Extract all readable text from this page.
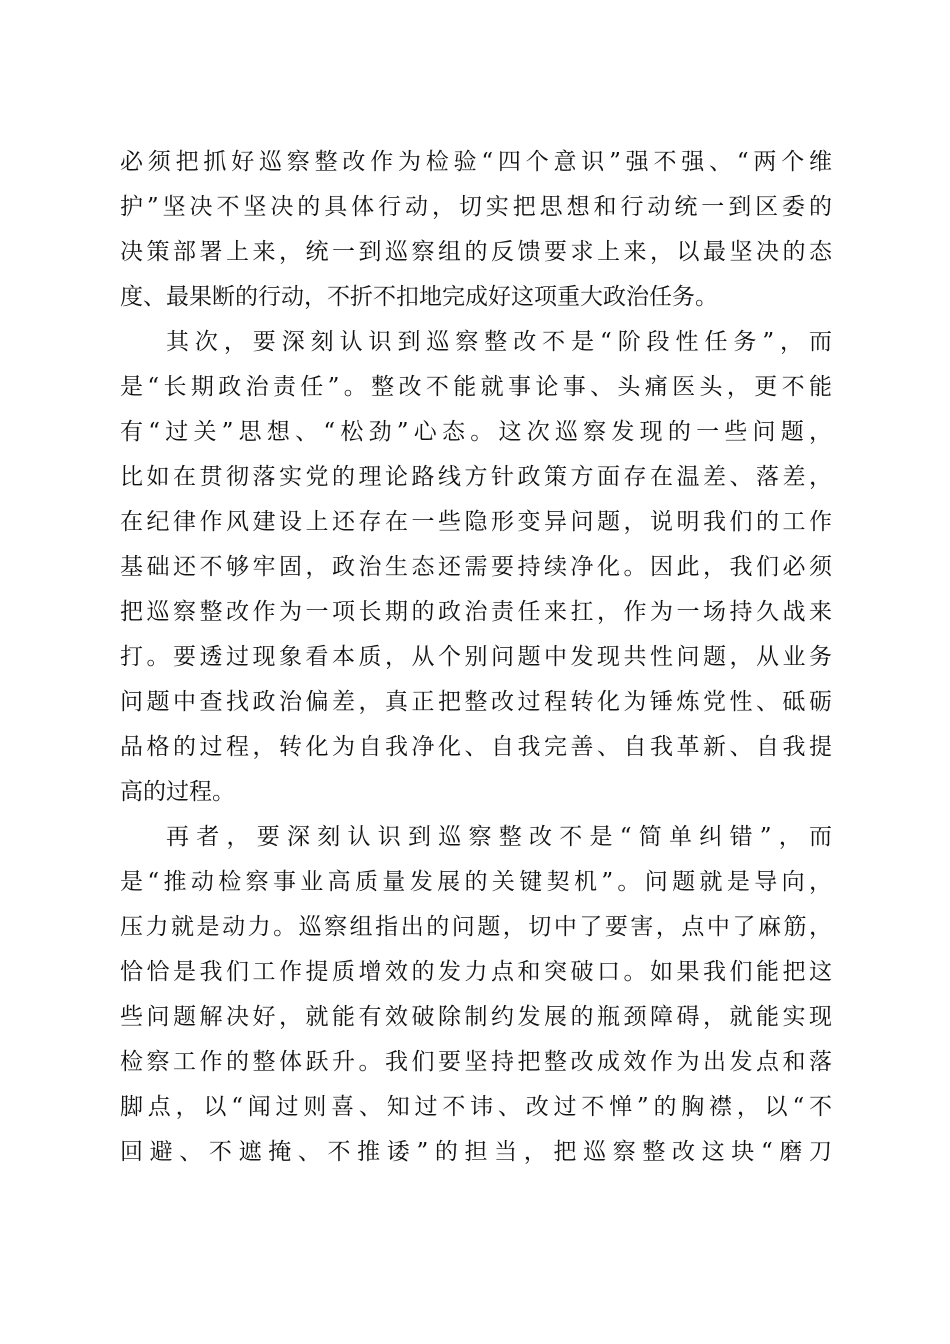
必须把抓好巡察整改作为检验“四个意识”强不强、“两个维
护”坚决不坚决的具体行动，切实把思想和行动统一到区委的
决策部署上来，统一到巡察组的反馈要求上来，以最坚决的态
度、最果断的行动，不折不扣地完成好这项重大政治任务。
其次，要深刻认识到巡察整改不是“阶段性任务”，而
是“长期政治责任”。整改不能就事论事、头痛医头，更不能
有“过关”思想、“松劲”心态。这次巡察发现的一些问题，
比如在贯彻落实党的理论路线方针政策方面存在温差、落差，
在纪律作风建设上还存在一些隐形变异问题，说明我们的工作
基础还不够牢固，政治生态还需要持续净化。因此，我们必须
把巡察整改作为一项长期的政治责任来扛，作为一场持久战来
打。要透过现象看本质，从个别问题中发现共性问题，从业务
问题中查找政治偏差，真正把整改过程转化为锤炼党性、砥砺
品格的过程，转化为自我净化、自我完善、自我革新、自我提
高的过程。
再者，要深刻认识到巡察整改不是“简单纠错”，而
是“推动检察事业高质量发展的关键契机”。问题就是导向，
压力就是动力。巡察组指出的问题，切中了要害，点中了麻筋，
恰恰是我们工作提质增效的发力点和突破口。如果我们能把这
些问题解决好，就能有效破除制约发展的瓶颈障碍，就能实现
检察工作的整体跃升。我们要坚持把整改成效作为出发点和落
脚点，以“闻过则喜、知过不讳、改过不惮”的胸襟，以“不
回避、不遮掩、不推诿”的担当，把巡察整改这块“磨刀
